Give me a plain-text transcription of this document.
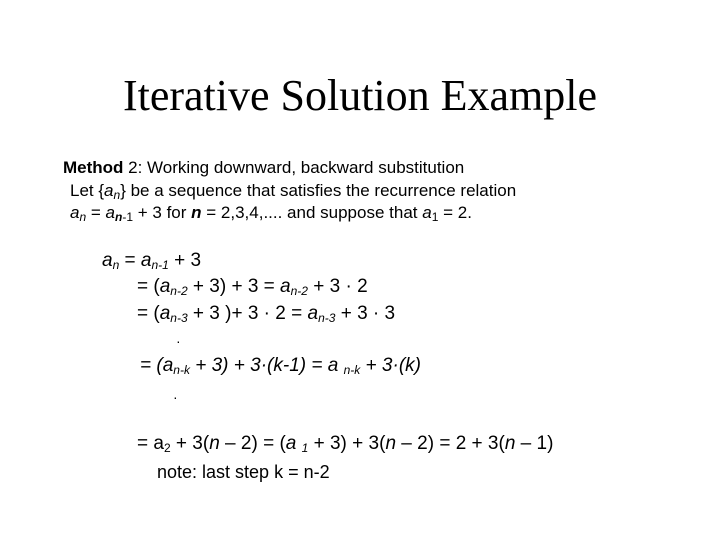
Iterative Solution Example
Method 2: Working downward, backward substitution
Let $\{a_n\}$ be a sequence that satisfies the recurrence relation
$a_n = a_{n-1} + 3$ for n = 2,3,4,.... and suppose that $a_1 = 2$.
$a_n = a_{n-1} + 3$
= $(a_{n-2} + 3) + 3 = a_{n-2} + 3 \cdot 2$
= ($a_{n-3} + 3$ )+ $3 \cdot 2 = a_{n-3} + 3 \cdot 3$
·
= $(a_{n-k} + 3) + 3\cdot(k-1) = a$ $_{n-k}$ + 3·(k)
·
= $a_2 + 3(n - 2) = (a$ $_1$ + 3) + 3(n – 2) = 2 + 3(n – 1)
note: last step k = n-2
